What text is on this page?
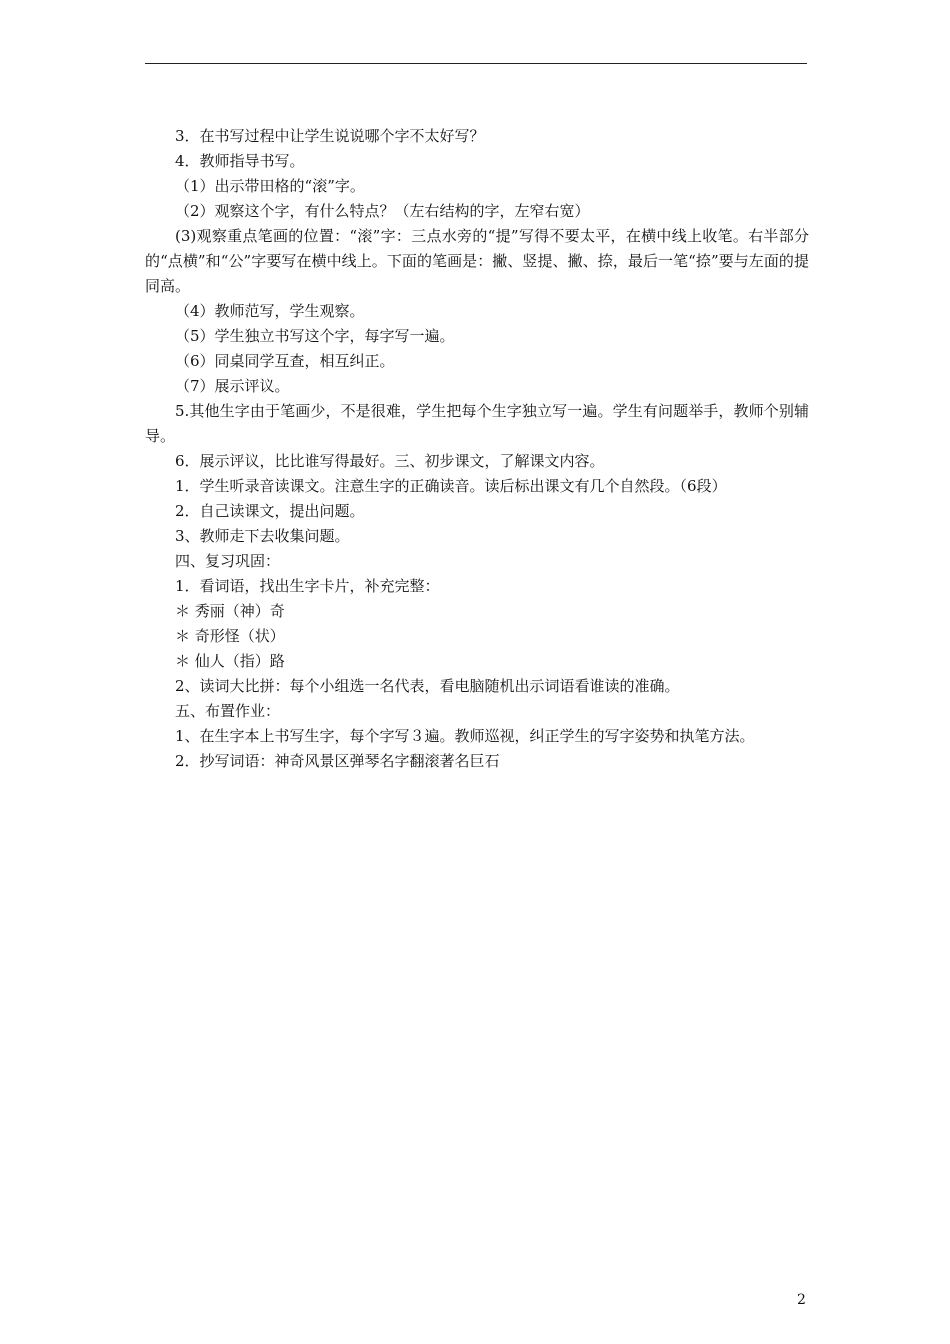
3．在书写过程中让学生说说哪个字不太好写？

4．教师指导书写。

（1）出示带田格的“滚”字。

（2）观察这个字，有什么特点？（左右结构的字，左窄右宽）

(3)观察重点笔画的位置：“滚”字：三点水旁的“提”写得不要太平，在横中线上收笔。右半部分的“点横”和“公”字要写在横中线上。下面的笔画是：撇、竖提、撇、捺，最后一笔“捺”要与左面的提同高。

（4）教师范写，学生观察。

（5）学生独立书写这个字，每字写一遍。

（6）同桌同学互查，相互纠正。

（7）展示评议。

5.其他生字由于笔画少，不是很难，学生把每个生字独立写一遍。学生有问题举手，教师个别辅导。

6．展示评议，比比谁写得最好。三、初步课文，了解课文内容。

1．学生听录音读课文。注意生字的正确读音。读后标出课文有几个自然段。（6段）

2．自己读课文，提出问题。

3、教师走下去收集问题。

四、复习巩固：

1．看词语，找出生字卡片，补充完整：

＊ 秀丽（神）奇

＊ 奇形怪（状）

＊ 仙人（指）路

2、读词大比拼：每个小组选一名代表，看电脑随机出示词语看谁读的准确。

五、布置作业：

1、在生字本上书写生字，每个字写３遍。教师巡视，纠正学生的写字姿势和执笔方法。

2．抄写词语：神奇风景区弹琴名字翻滚著名巨石

2
